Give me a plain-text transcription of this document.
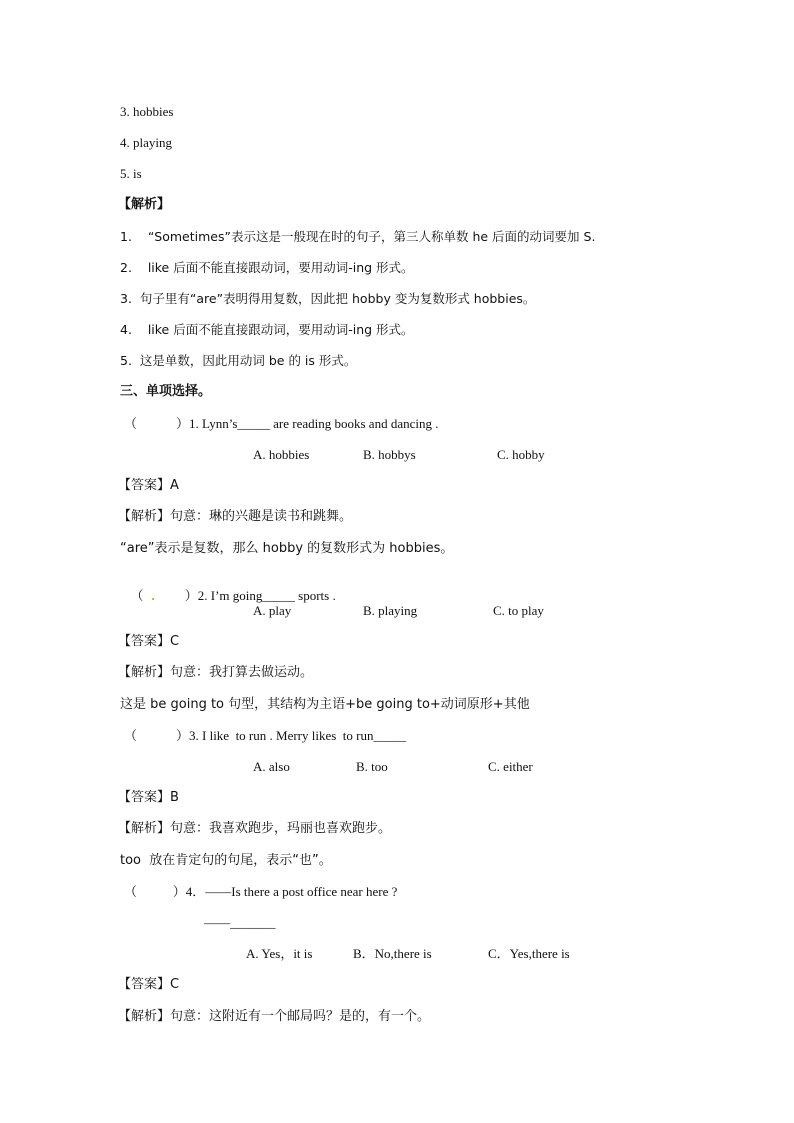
3. hobbies
4. playing
5. is
【解析】
1.    “Sometimes”表示这是一般现在时的句子，第三人称单数 he 后面的动词要加 S.
2.    like 后面不能直接跟动词，要用动词-ing 形式。
3.  句子里有“are”表明得用复数，因此把 hobby 变为复数形式 hobbies。
4.    like 后面不能直接跟动词，要用动词-ing 形式。
5.  这是单数，因此用动词 be 的 is 形式。
三、单项选择。
（            ）1. Lynn’s_____ are reading books and dancing .
A. hobbies	B. hobbys	C. hobby
【答案】A
【解析】句意：琳的兴趣是读书和跳舞。
“are”表示是复数，那么 hobby 的复数形式为 hobbies。

（ . ）2. I’m going_____ sports .

A. play	B. playing	C. to play
【答案】C
【解析】句意：我打算去做运动。
这是 be going to 句型，其结构为主语+be going to+动词原形+其他
（            ）3. I like  to run . Merry likes  to run_____
A. also	B. too	C. either
【答案】B
【解析】句意：我喜欢跑步，玛丽也喜欢跑步。
too  放在肯定句的句尾，表示“也”。
（           ）4．——Is there a post office near here ?
——_______
A. Yes，it is	B．No,there is	C．Yes,there is
【答案】C
【解析】句意：这附近有一个邮局吗？是的，有一个。
